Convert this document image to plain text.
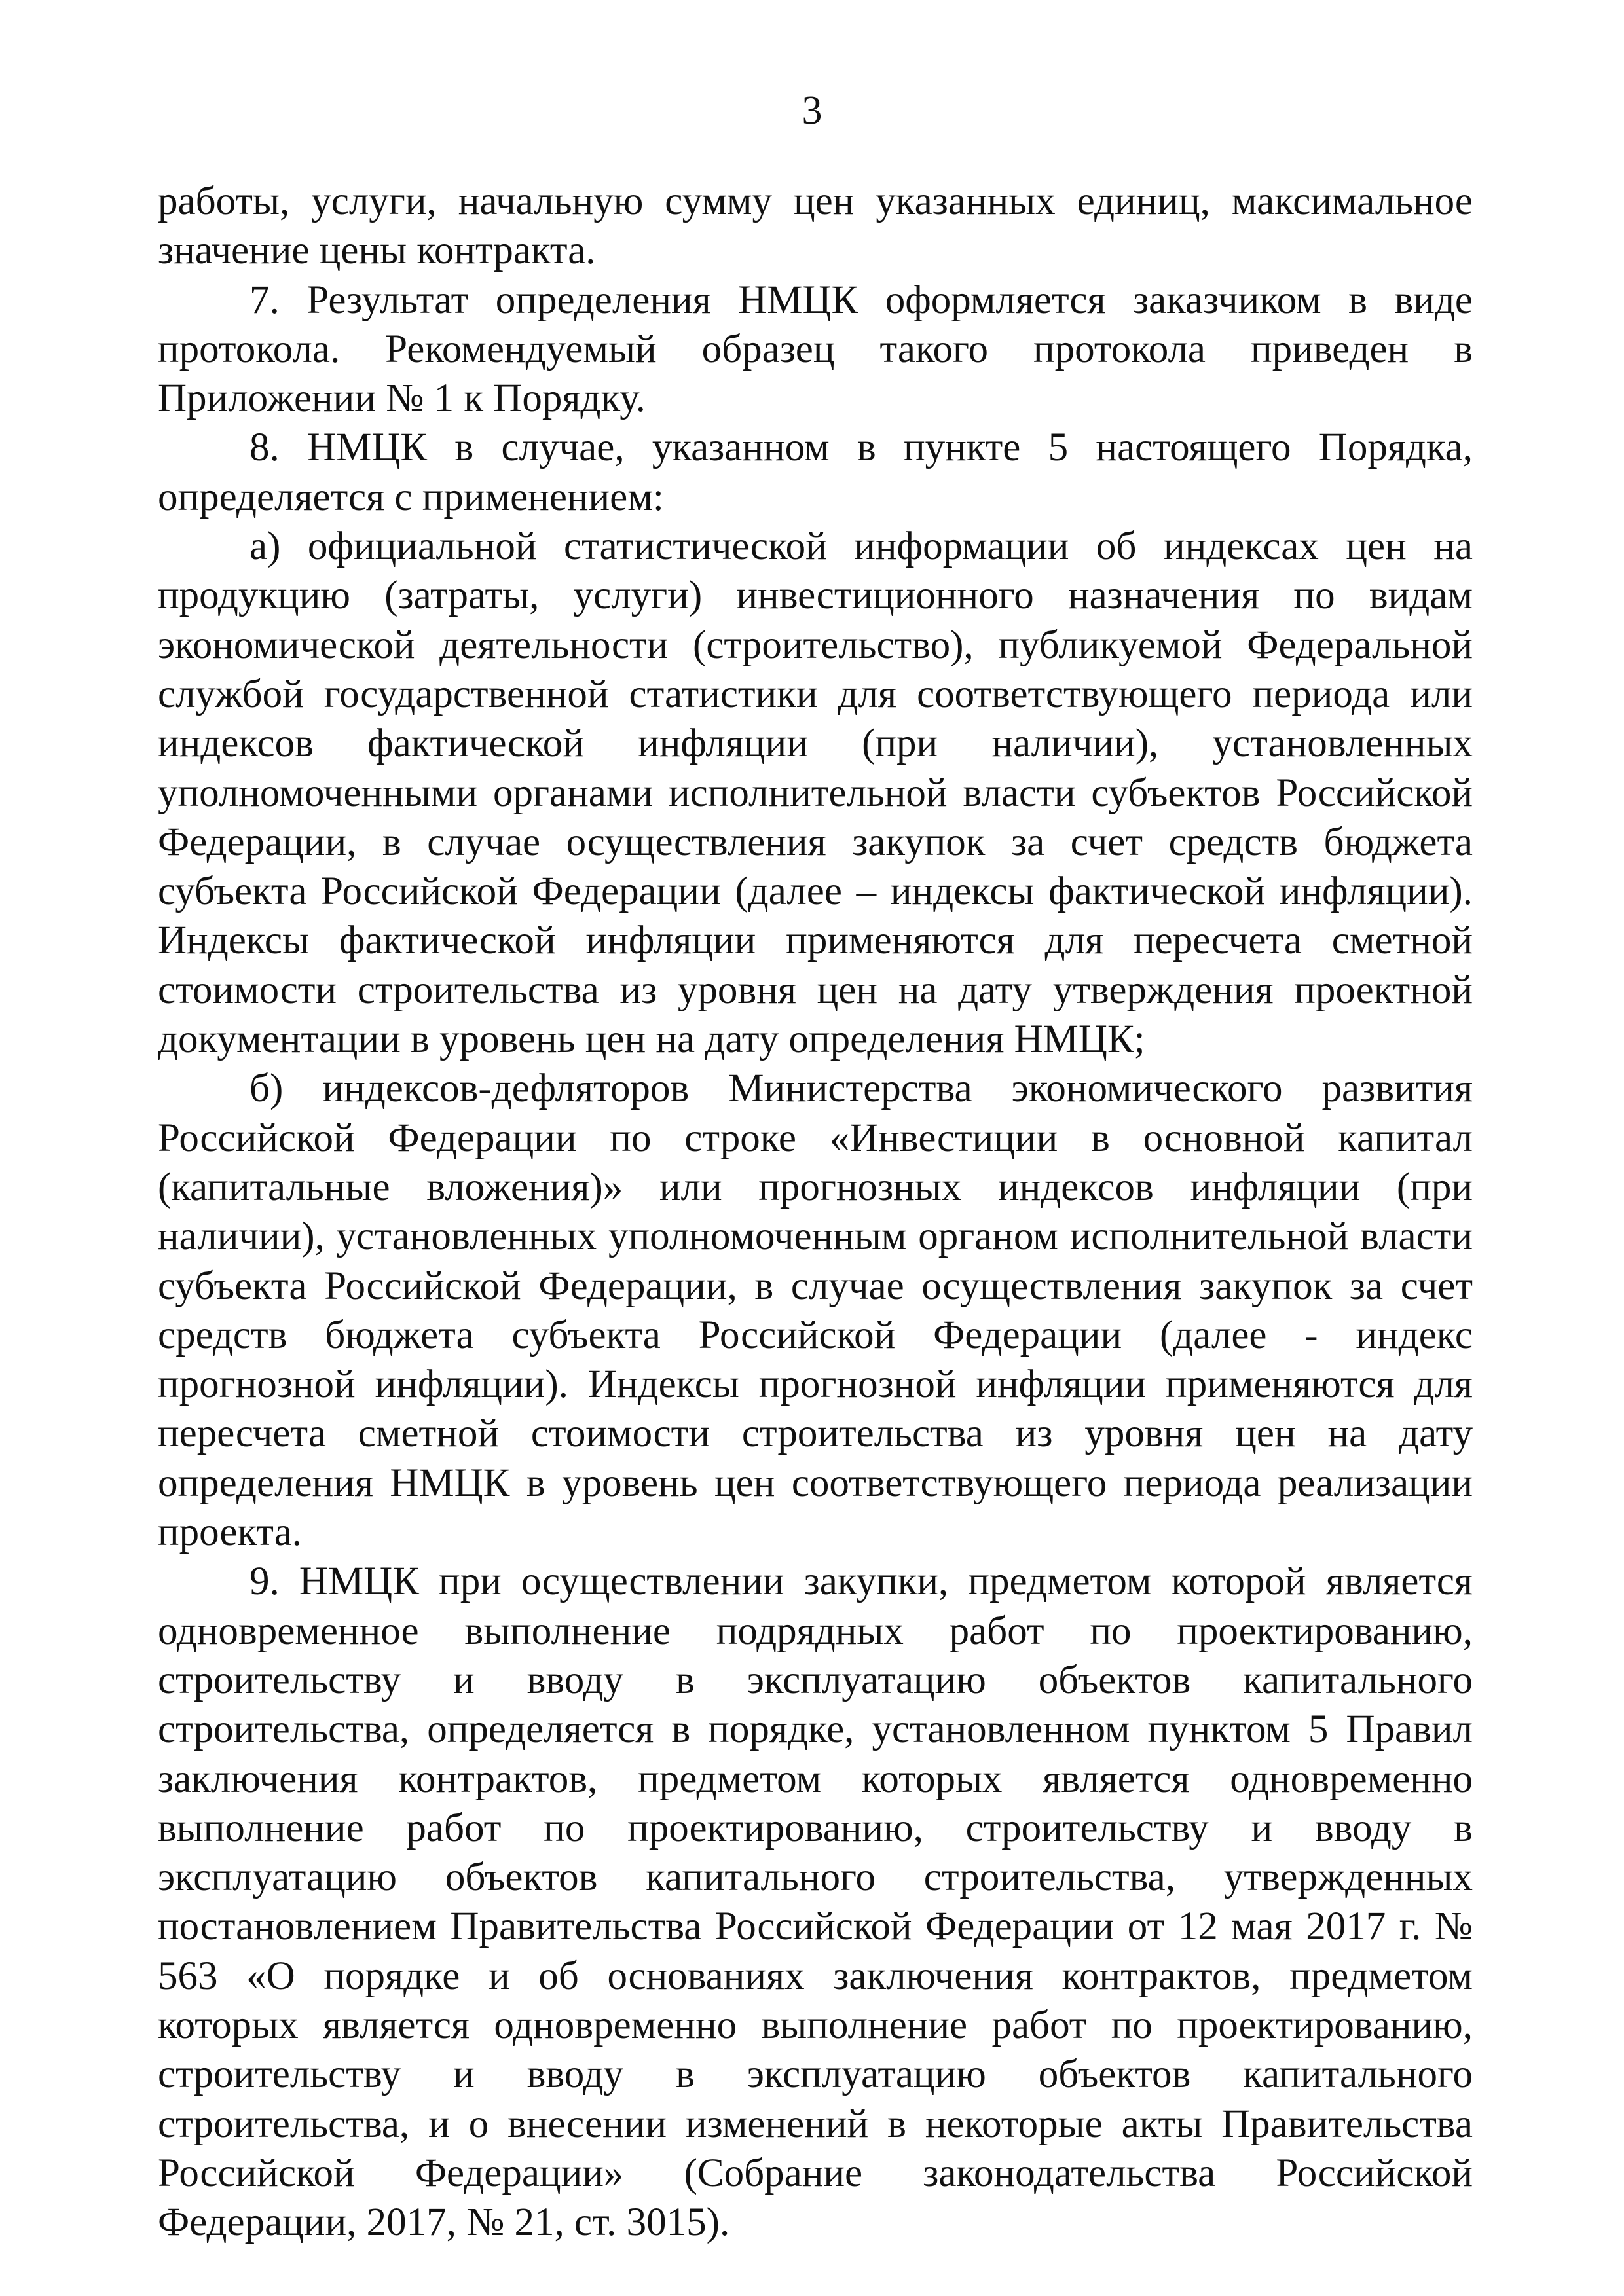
3

работы, услуги, начальную сумму цен указанных единиц, максимальное значение цены контракта.

7. Результат определения НМЦК оформляется заказчиком в виде протокола. Рекомендуемый образец такого протокола приведен в Приложении № 1 к Порядку.

8. НМЦК в случае, указанном в пункте 5 настоящего Порядка, определяется с применением:

а) официальной статистической информации об индексах цен на продукцию (затраты, услуги) инвестиционного назначения по видам экономической деятельности (строительство), публикуемой Федеральной службой государственной статистики для соответствующего периода или индексов фактической инфляции (при наличии), установленных уполномоченными органами исполнительной власти субъектов Российской Федерации, в случае осуществления закупок за счет средств бюджета субъекта Российской Федерации (далее – индексы фактической инфляции). Индексы фактической инфляции применяются для пересчета сметной стоимости строительства из уровня цен на дату утверждения проектной документации в уровень цен на дату определения НМЦК;

б) индексов-дефляторов Министерства экономического развития Российской Федерации по строке «Инвестиции в основной капитал (капитальные вложения)» или прогнозных индексов инфляции (при наличии), установленных уполномоченным органом исполнительной власти субъекта Российской Федерации, в случае осуществления закупок за счет средств бюджета субъекта Российской Федерации (далее - индекс прогнозной инфляции). Индексы прогнозной инфляции применяются для пересчета сметной стоимости строительства из уровня цен на дату определения НМЦК в уровень цен соответствующего периода реализации проекта.

9. НМЦК при осуществлении закупки, предметом которой является одновременное выполнение подрядных работ по проектированию, строительству и вводу в эксплуатацию объектов капитального строительства, определяется в порядке, установленном пунктом 5 Правил заключения контрактов, предметом которых является одновременно выполнение работ по проектированию, строительству и вводу в эксплуатацию объектов капитального строительства, утвержденных постановлением Правительства Российской Федерации от 12 мая 2017 г. № 563 «О порядке и об основаниях заключения контрактов, предметом которых является одновременно выполнение работ по проектированию, строительству и вводу в эксплуатацию объектов капитального строительства, и о внесении изменений в некоторые акты Правительства Российской Федерации» (Собрание законодательства Российской Федерации, 2017, № 21, ст. 3015).
